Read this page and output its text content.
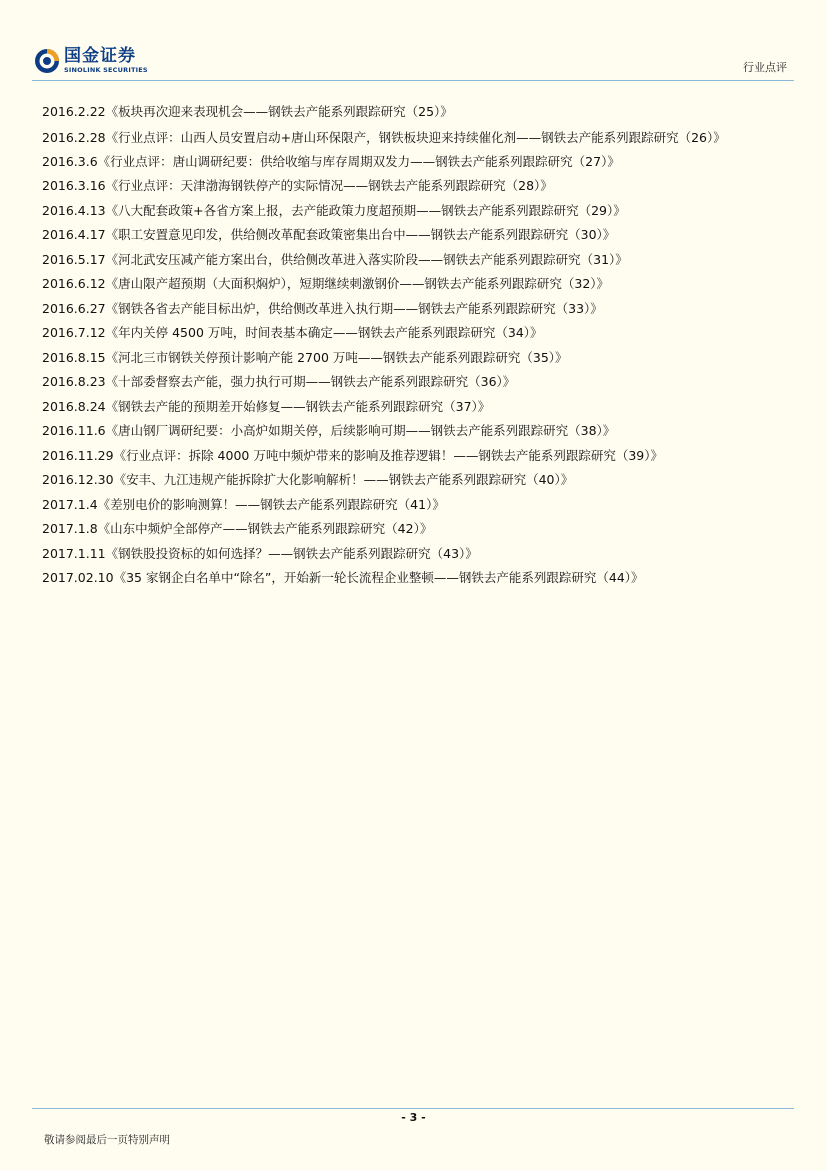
国金证券
SINOLINK SECURITIES	行业点评
2016.2.22《板块再次迎来表现机会——钢铁去产能系列跟踪研究（25）》
2016.2.28《行业点评：山西人员安置启动+唐山环保限产，钢铁板块迎来持续催化剂——钢铁去产能系列跟踪研究（26）》
2016.3.6《行业点评：唐山调研纪要：供给收缩与库存周期双发力——钢铁去产能系列跟踪研究（27）》
2016.3.16《行业点评：天津渤海钢铁停产的实际情况——钢铁去产能系列跟踪研究（28）》
2016.4.13《八大配套政策+各省方案上报，去产能政策力度超预期——钢铁去产能系列跟踪研究（29）》
2016.4.17《职工安置意见印发，供给侧改革配套政策密集出台中——钢铁去产能系列跟踪研究（30）》
2016.5.17《河北武安压减产能方案出台，供给侧改革进入落实阶段——钢铁去产能系列跟踪研究（31）》
2016.6.12《唐山限产超预期（大面积焖炉），短期继续刺激钢价——钢铁去产能系列跟踪研究（32）》
2016.6.27《钢铁各省去产能目标出炉，供给侧改革进入执行期——钢铁去产能系列跟踪研究（33）》
2016.7.12《年内关停 4500 万吨，时间表基本确定——钢铁去产能系列跟踪研究（34）》
2016.8.15《河北三市钢铁关停预计影响产能 2700 万吨——钢铁去产能系列跟踪研究（35）》
2016.8.23《十部委督察去产能，强力执行可期——钢铁去产能系列跟踪研究（36）》
2016.8.24《钢铁去产能的预期差开始修复——钢铁去产能系列跟踪研究（37）》
2016.11.6《唐山钢厂调研纪要：小高炉如期关停，后续影响可期——钢铁去产能系列跟踪研究（38）》
2016.11.29《行业点评：拆除 4000 万吨中频炉带来的影响及推荐逻辑！——钢铁去产能系列跟踪研究（39）》
2016.12.30《安丰、九江违规产能拆除扩大化影响解析！——钢铁去产能系列跟踪研究（40）》
2017.1.4《差别电价的影响测算！——钢铁去产能系列跟踪研究（41）》
2017.1.8《山东中频炉全部停产——钢铁去产能系列跟踪研究（42）》
2017.1.11《钢铁股投资标的如何选择？——钢铁去产能系列跟踪研究（43）》
2017.02.10《35 家钢企白名单中“除名”，开始新一轮长流程企业整顿——钢铁去产能系列跟踪研究（44）》
- 3 -
敬请参阅最后一页特别声明
